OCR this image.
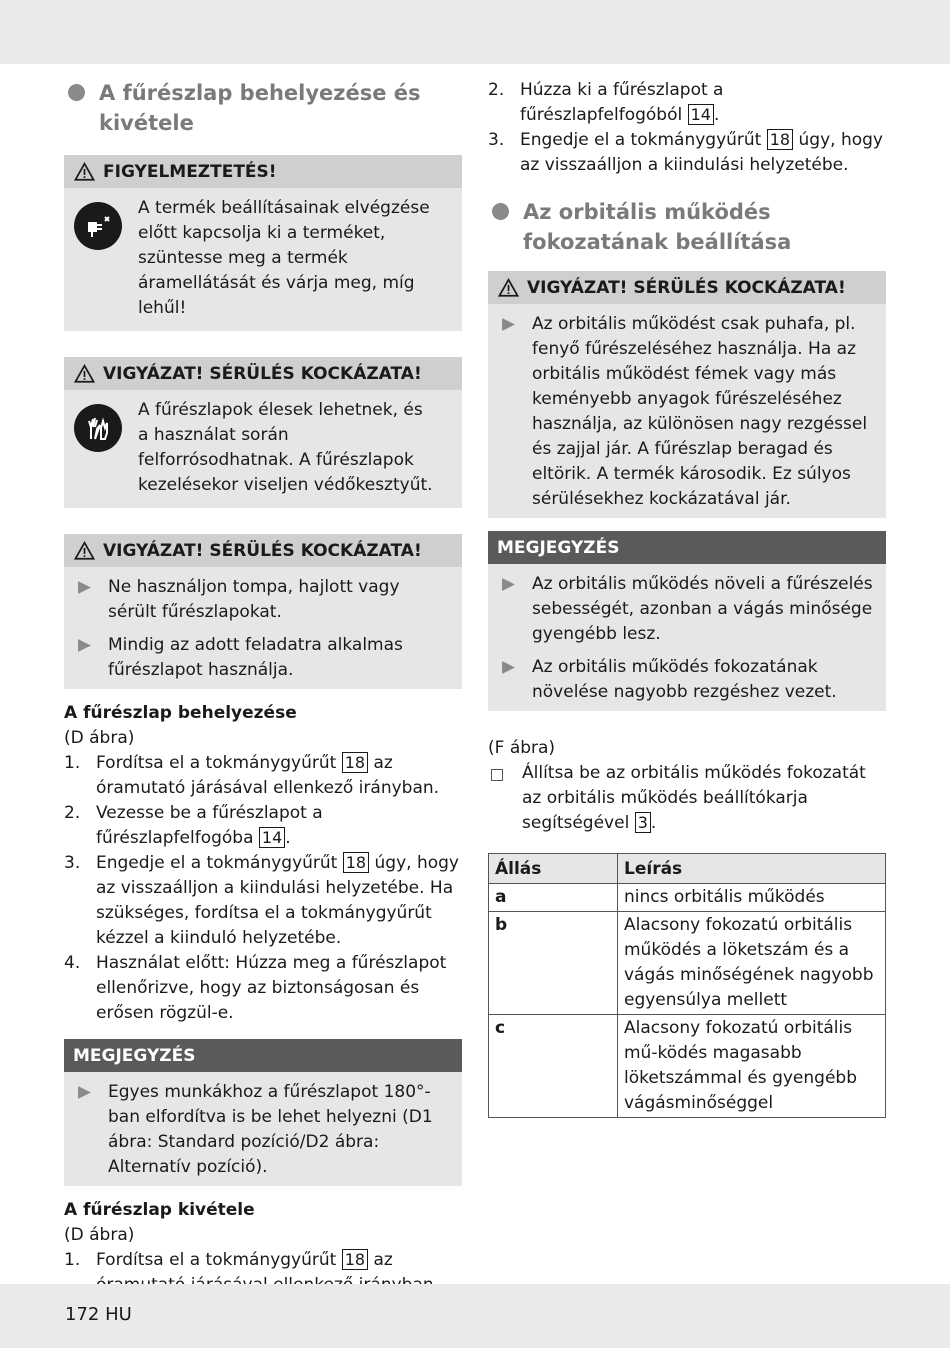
A fűrészlap behelyezése és kivétele
FIGYELMEZTETÉS!
A termék beállításainak elvégzése előtt kapcsolja ki a terméket, szüntesse meg a termék áramellátását és várja meg, míg lehűl!
VIGYÁZAT! SÉRÜLÉS KOCKÁZATA!
A fűrészlapok élesek lehetnek, és a használat során felforrósodhatnak. A fűrészlapok kezelésekor viseljen védőkesztyűt.
VIGYÁZAT! SÉRÜLÉS KOCKÁZATA!
Ne használjon tompa, hajlott vagy sérült fűrészlapokat.
Mindig az adott feladatra alkalmas fűrészlapot használja.
A fűrészlap behelyezése
(D ábra)
1. Fordítsa el a tokmánygyűrűt 18 az óramutató járásával ellenkező irányban.
2. Vezesse be a fűrészlapot a fűrészlapfelfogóba 14 .
3. Engedje el a tokmánygyűrűt 18 úgy, hogy az visszaálljon a kiindulási helyzetébe. Ha szükséges, fordítsa el a tokmánygyűrűt kézzel a kiinduló helyzetébe.
4. Használat előtt: Húzza meg a fűrészlapot ellenőrizve, hogy az biztonságosan és erősen rögzül-e.
MEGJEGYZÉS
Egyes munkákhoz a fűrészlapot 180°-ban elfordítva is be lehet helyezni (D1 ábra: Standard pozíció/D2 ábra: Alternatív pozíció).
A fűrészlap kivétele
(D ábra)
1. Fordítsa el a tokmánygyűrűt 18 az
2. Húzza ki a fűrészlapot a fűrészlapfelfogóból 14 .
3. Engedje el a tokmánygyűrűt 18 úgy, hogy az visszaálljon a kiindulási helyzetébe.
Az orbitális működés fokozatának beállítása
VIGYÁZAT! SÉRÜLÉS KOCKÁZATA!
Az orbitális működést csak puhafa, pl. fenyő fűrészeléséhez használja. Ha az orbitális működést fémek vagy más keményebb anyagok fűrészeléséhez használja, az különösen nagy rezgéssel és zajjal jár. A fűrészlap beragad és eltörik. A termék károsodik. Ez súlyos sérülésekhez kockázatával jár.
MEGJEGYZÉS
Az orbitális működés növeli a fűrészelés sebességét, azonban a vágás minősége gyengébb lesz.
Az orbitális működés fokozatának növelése nagyobb rezgéshez vezet.
(F ábra)
Állítsa be az orbitális működés fokozatát az orbitális működés beállítókarja segítségével 3 .
Állás	Leírás
a	nincs orbitális működés
b	Alacsony fokozatú orbitális működés a löketszám és a vágás minőségének nagyobb egyensúlya mellett
c	Alacsony fokozatú orbitális mű-ködés magasabb löketszámmal és gyengébb vágásminőséggel
172 HU
